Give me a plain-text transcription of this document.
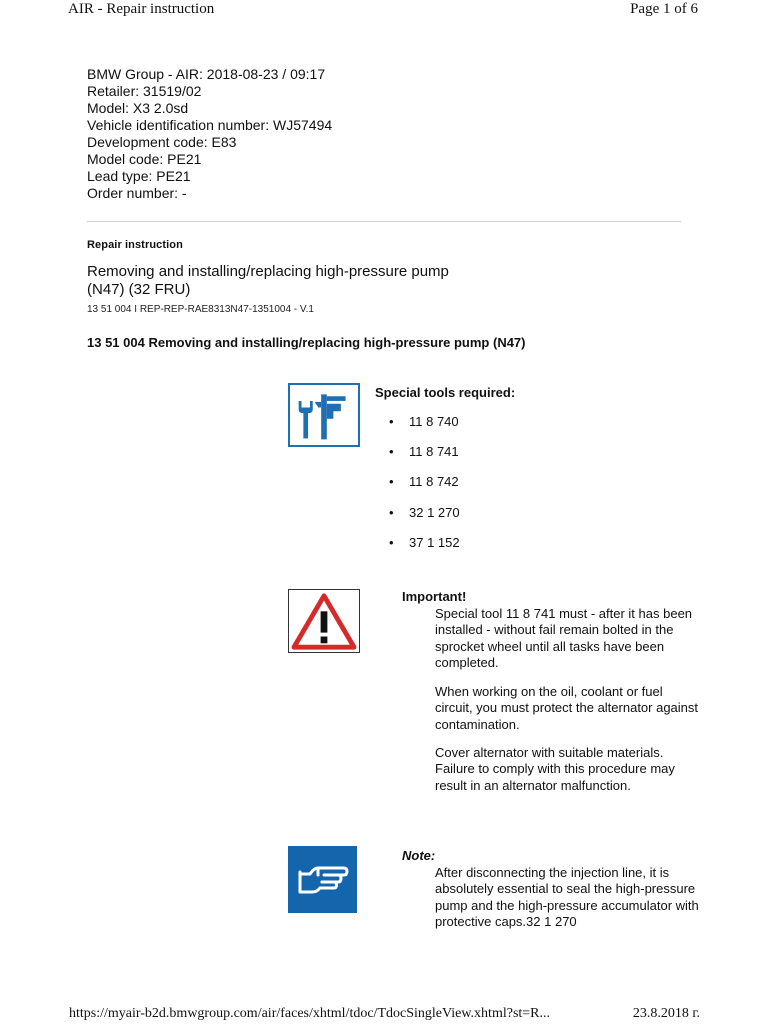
AIR - Repair instruction	Page 1 of 6
BMW Group - AIR: 2018-08-23 / 09:17
Retailer: 31519/02
Model: X3 2.0sd
Vehicle identification number: WJ57494
Development code: E83
Model code: PE21
Lead type: PE21
Order number: -
Repair instruction
Removing and installing/replacing high-pressure pump
(N47) (32 FRU)
13 51 004 I REP-REP-RAE8313N47-1351004 - V.1
13 51 004 Removing and installing/replacing high-pressure pump (N47)
Special tools required:
• 11 8 740
• 11 8 741
• 11 8 742
• 32 1 270
• 37 1 152
Important!
Special tool 11 8 741 must - after it has been installed - without fail remain bolted in the sprocket wheel until all tasks have been completed.
When working on the oil, coolant or fuel circuit, you must protect the alternator against contamination.
Cover alternator with suitable materials. Failure to comply with this procedure may result in an alternator malfunction.
Note:
After disconnecting the injection line, it is absolutely essential to seal the high-pressure pump and the high-pressure accumulator with protective caps.32 1 270
https://myair-b2d.bmwgroup.com/air/faces/xhtml/tdoc/TdocSingleView.xhtml?st=R...	23.8.2018 г.
